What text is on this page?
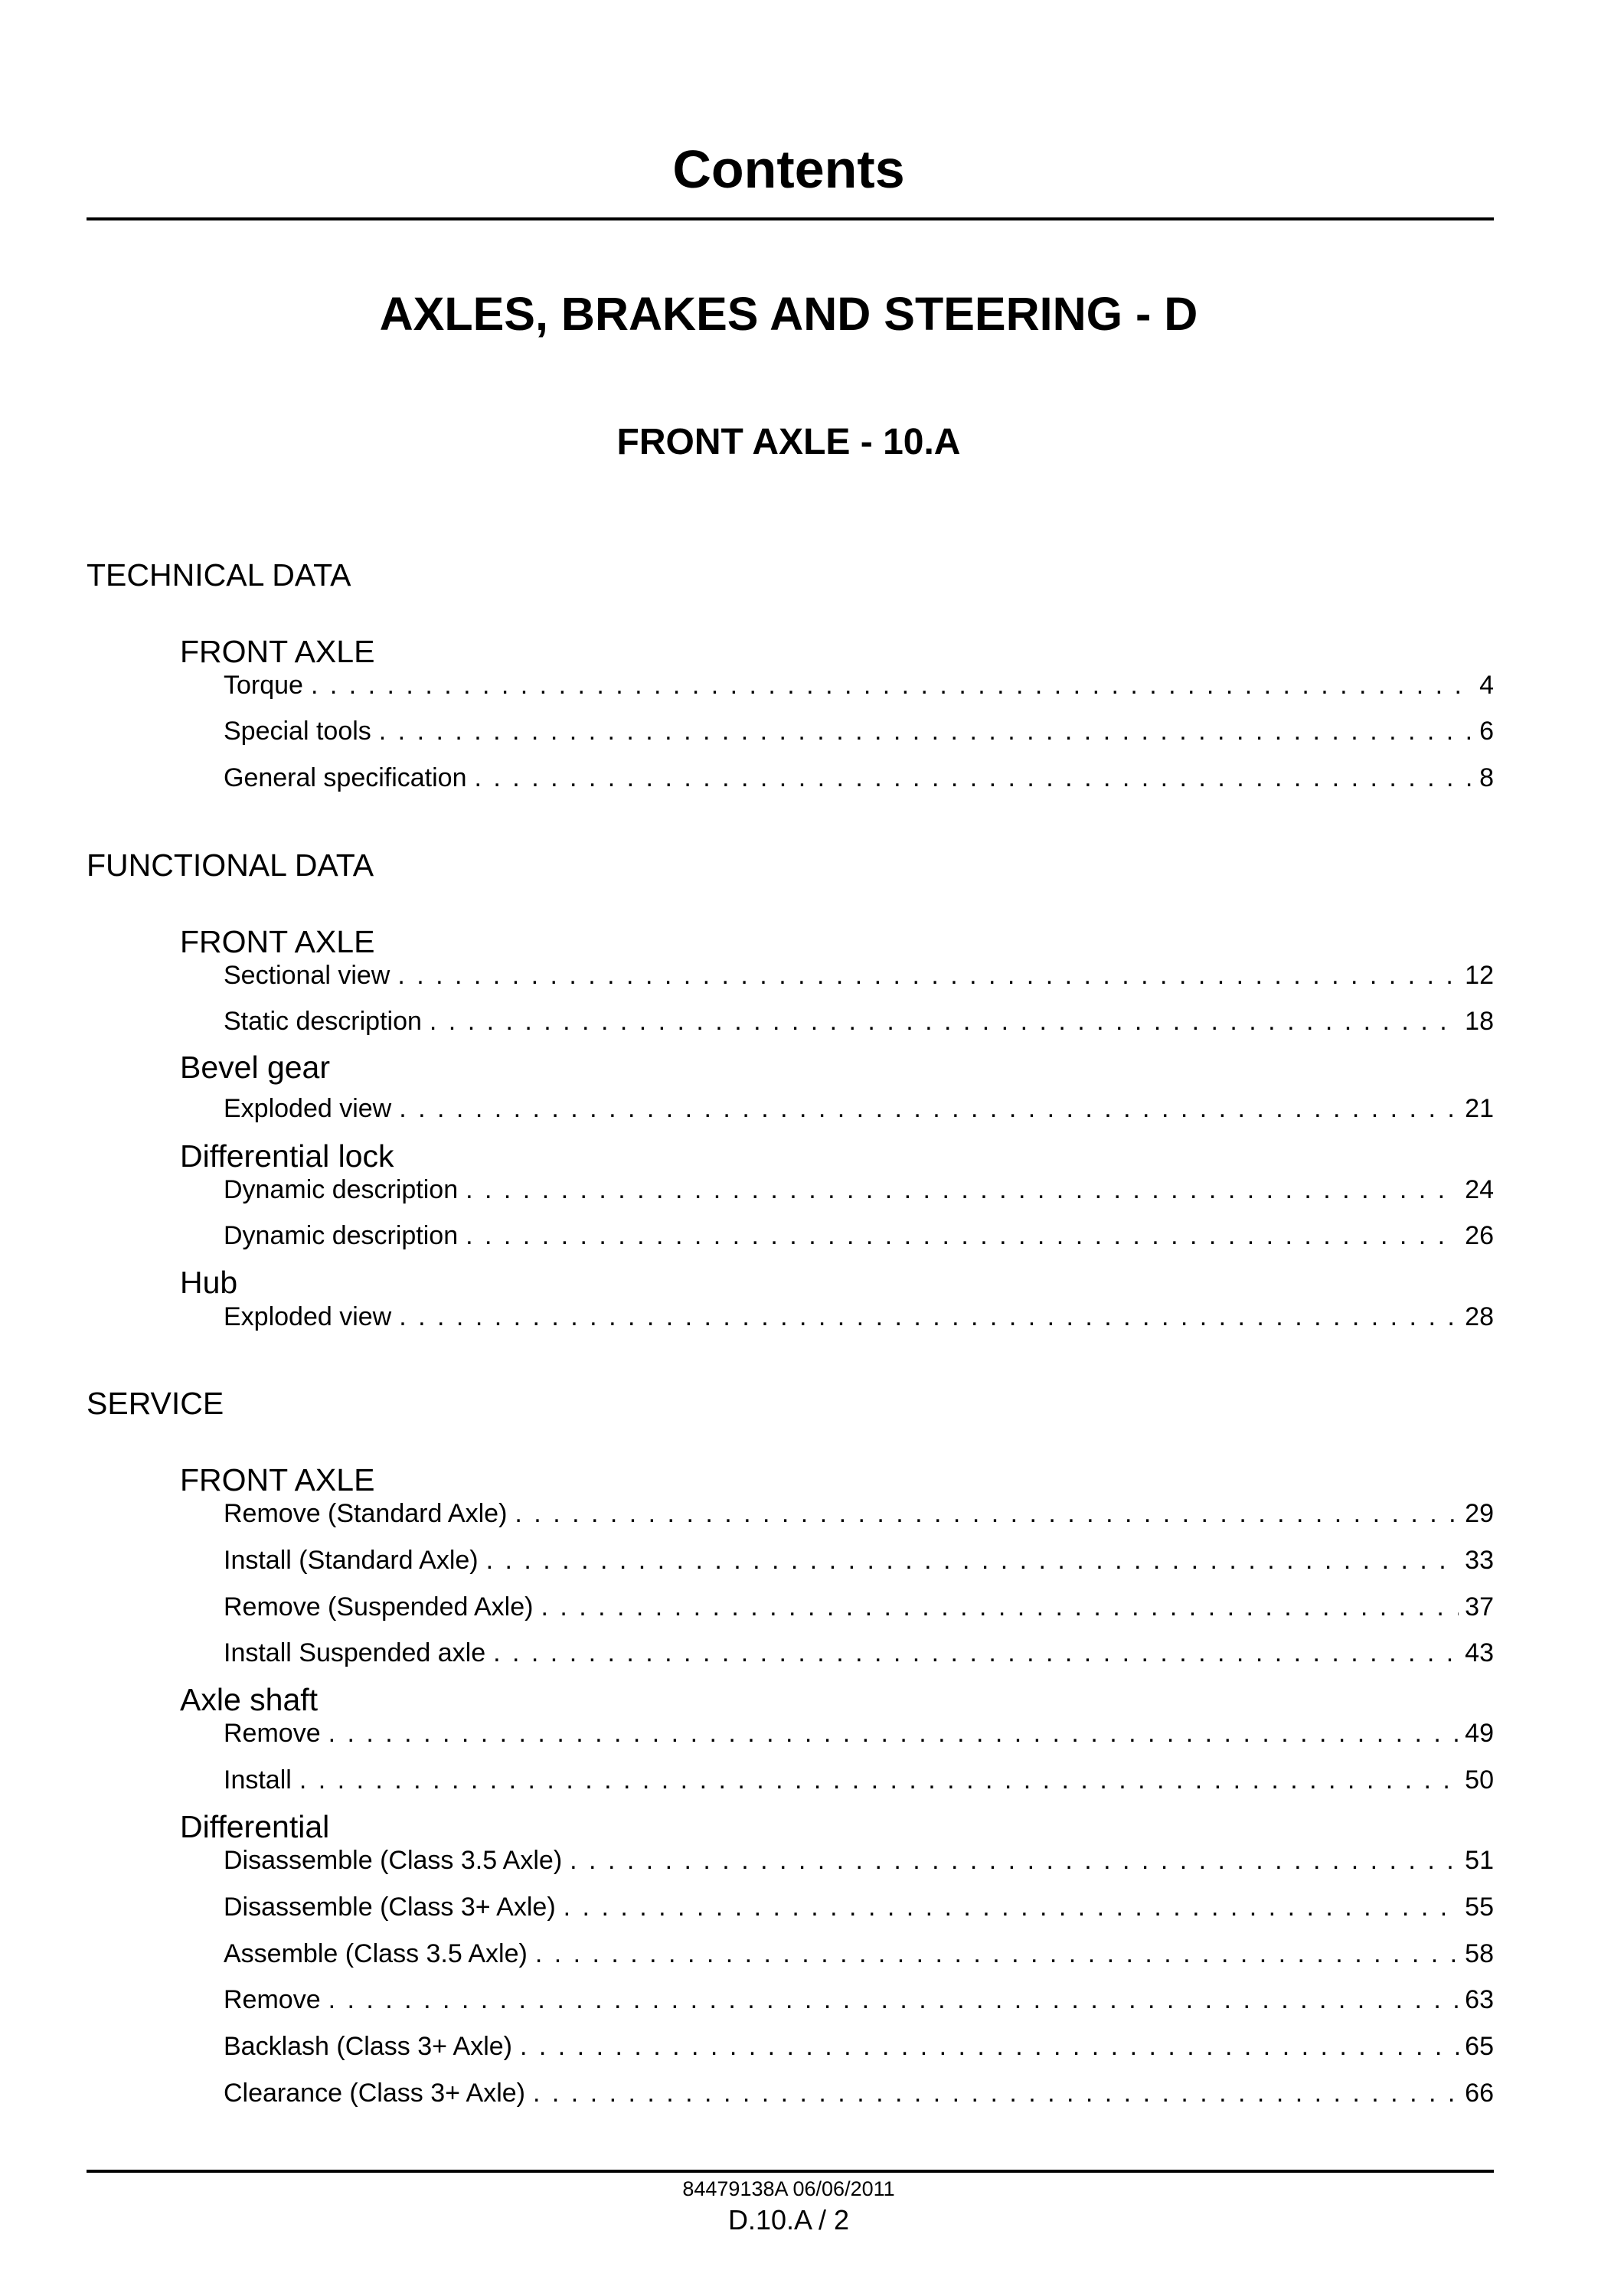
Contents
AXLES, BRAKES AND STEERING - D
FRONT AXLE - 10.A
TECHNICAL DATA
FRONT AXLE
Torque . . .	4
Special tools . . .	6
General specification . . .	8
FUNCTIONAL DATA
FRONT AXLE
Sectional view . . .	12
Static description . . .	18
Bevel gear
Exploded view . . .	21
Differential lock
Dynamic description . . .	24
Dynamic description . . .	26
Hub
Exploded view . . .	28
SERVICE
FRONT AXLE
Remove (Standard Axle) . . .	29
Install (Standard Axle) . . .	33
Remove (Suspended Axle) . . .	37
Install Suspended axle . . .	43
Axle shaft
Remove . . .	49
Install . . .	50
Differential
Disassemble (Class 3.5 Axle) . . .	51
Disassemble (Class 3+ Axle) . . .	55
Assemble (Class 3.5 Axle) . . .	58
Remove . . .	63
Backlash (Class 3+ Axle) . . .	65
Clearance (Class 3+ Axle) . . .	66
84479138A 06/06/2011
D.10.A / 2
